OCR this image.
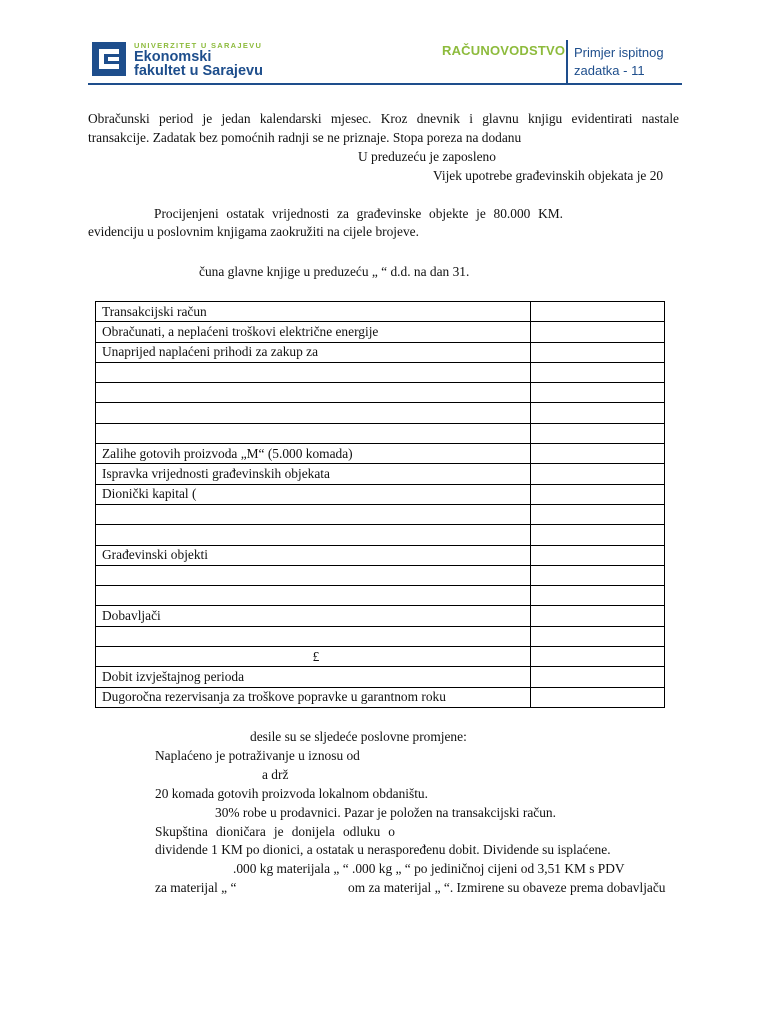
UNIVERZITET U SARAJEVU
Ekonomski
fakultet u Sarajevu
RAČUNOVODSTVO Primjer ispitnog
zadatka - 11
Obračunski period je jedan kalendarski mjesec. Kroz dnevnik i glavnu knjigu evidentirati nastale
transakcije. Zadatak bez pomoćnih radnji se ne priznaje. Stopa poreza na dodanu
U preduzeću je zaposleno
Vijek upotrebe građevinskih objekata je 20
Procijenjeni ostatak vrijednosti za građevinske objekte je 80.000 KM.
evidenciju u poslovnim knjigama zaokružiti na cijele brojeve.
čuna glavne knjige u preduzeću „ “ d.d. na dan 31.
Transakcijski račun	
Obračunati, a neplaćeni troškovi električne energije	
Unaprijed naplaćeni prihodi za zakup za	

Zalihe gotovih proizvoda „M“ (5.000 komada)	
Ispravka vrijednosti građevinskih objekata	
Dionički kapital (	

Građevinski objekti	

Dobavljači	

£	
Dobit izvještajnog perioda	
Dugoročna rezervisanja za troškove popravke u garantnom roku	
desile su se sljedeće poslovne promjene:
Naplaćeno je potraživanje u iznosu od
a drž
20 komada gotovih proizvoda lokalnom obdaništu.
30% robe u prodavnici. Pazar je položen na transakcijski račun.
Skupština dioničara je donijela odluku o
dividende 1 KM po dionici, a ostatak u neraspoređenu dobit. Dividende su isplaćene.
.000 kg materijala „ “ .000 kg „ “ po jediničnoj cijeni od 3,51 KM s PDV
za materijal „ “	om za materijal „ “. Izmirene su obaveze prema dobavljaču
